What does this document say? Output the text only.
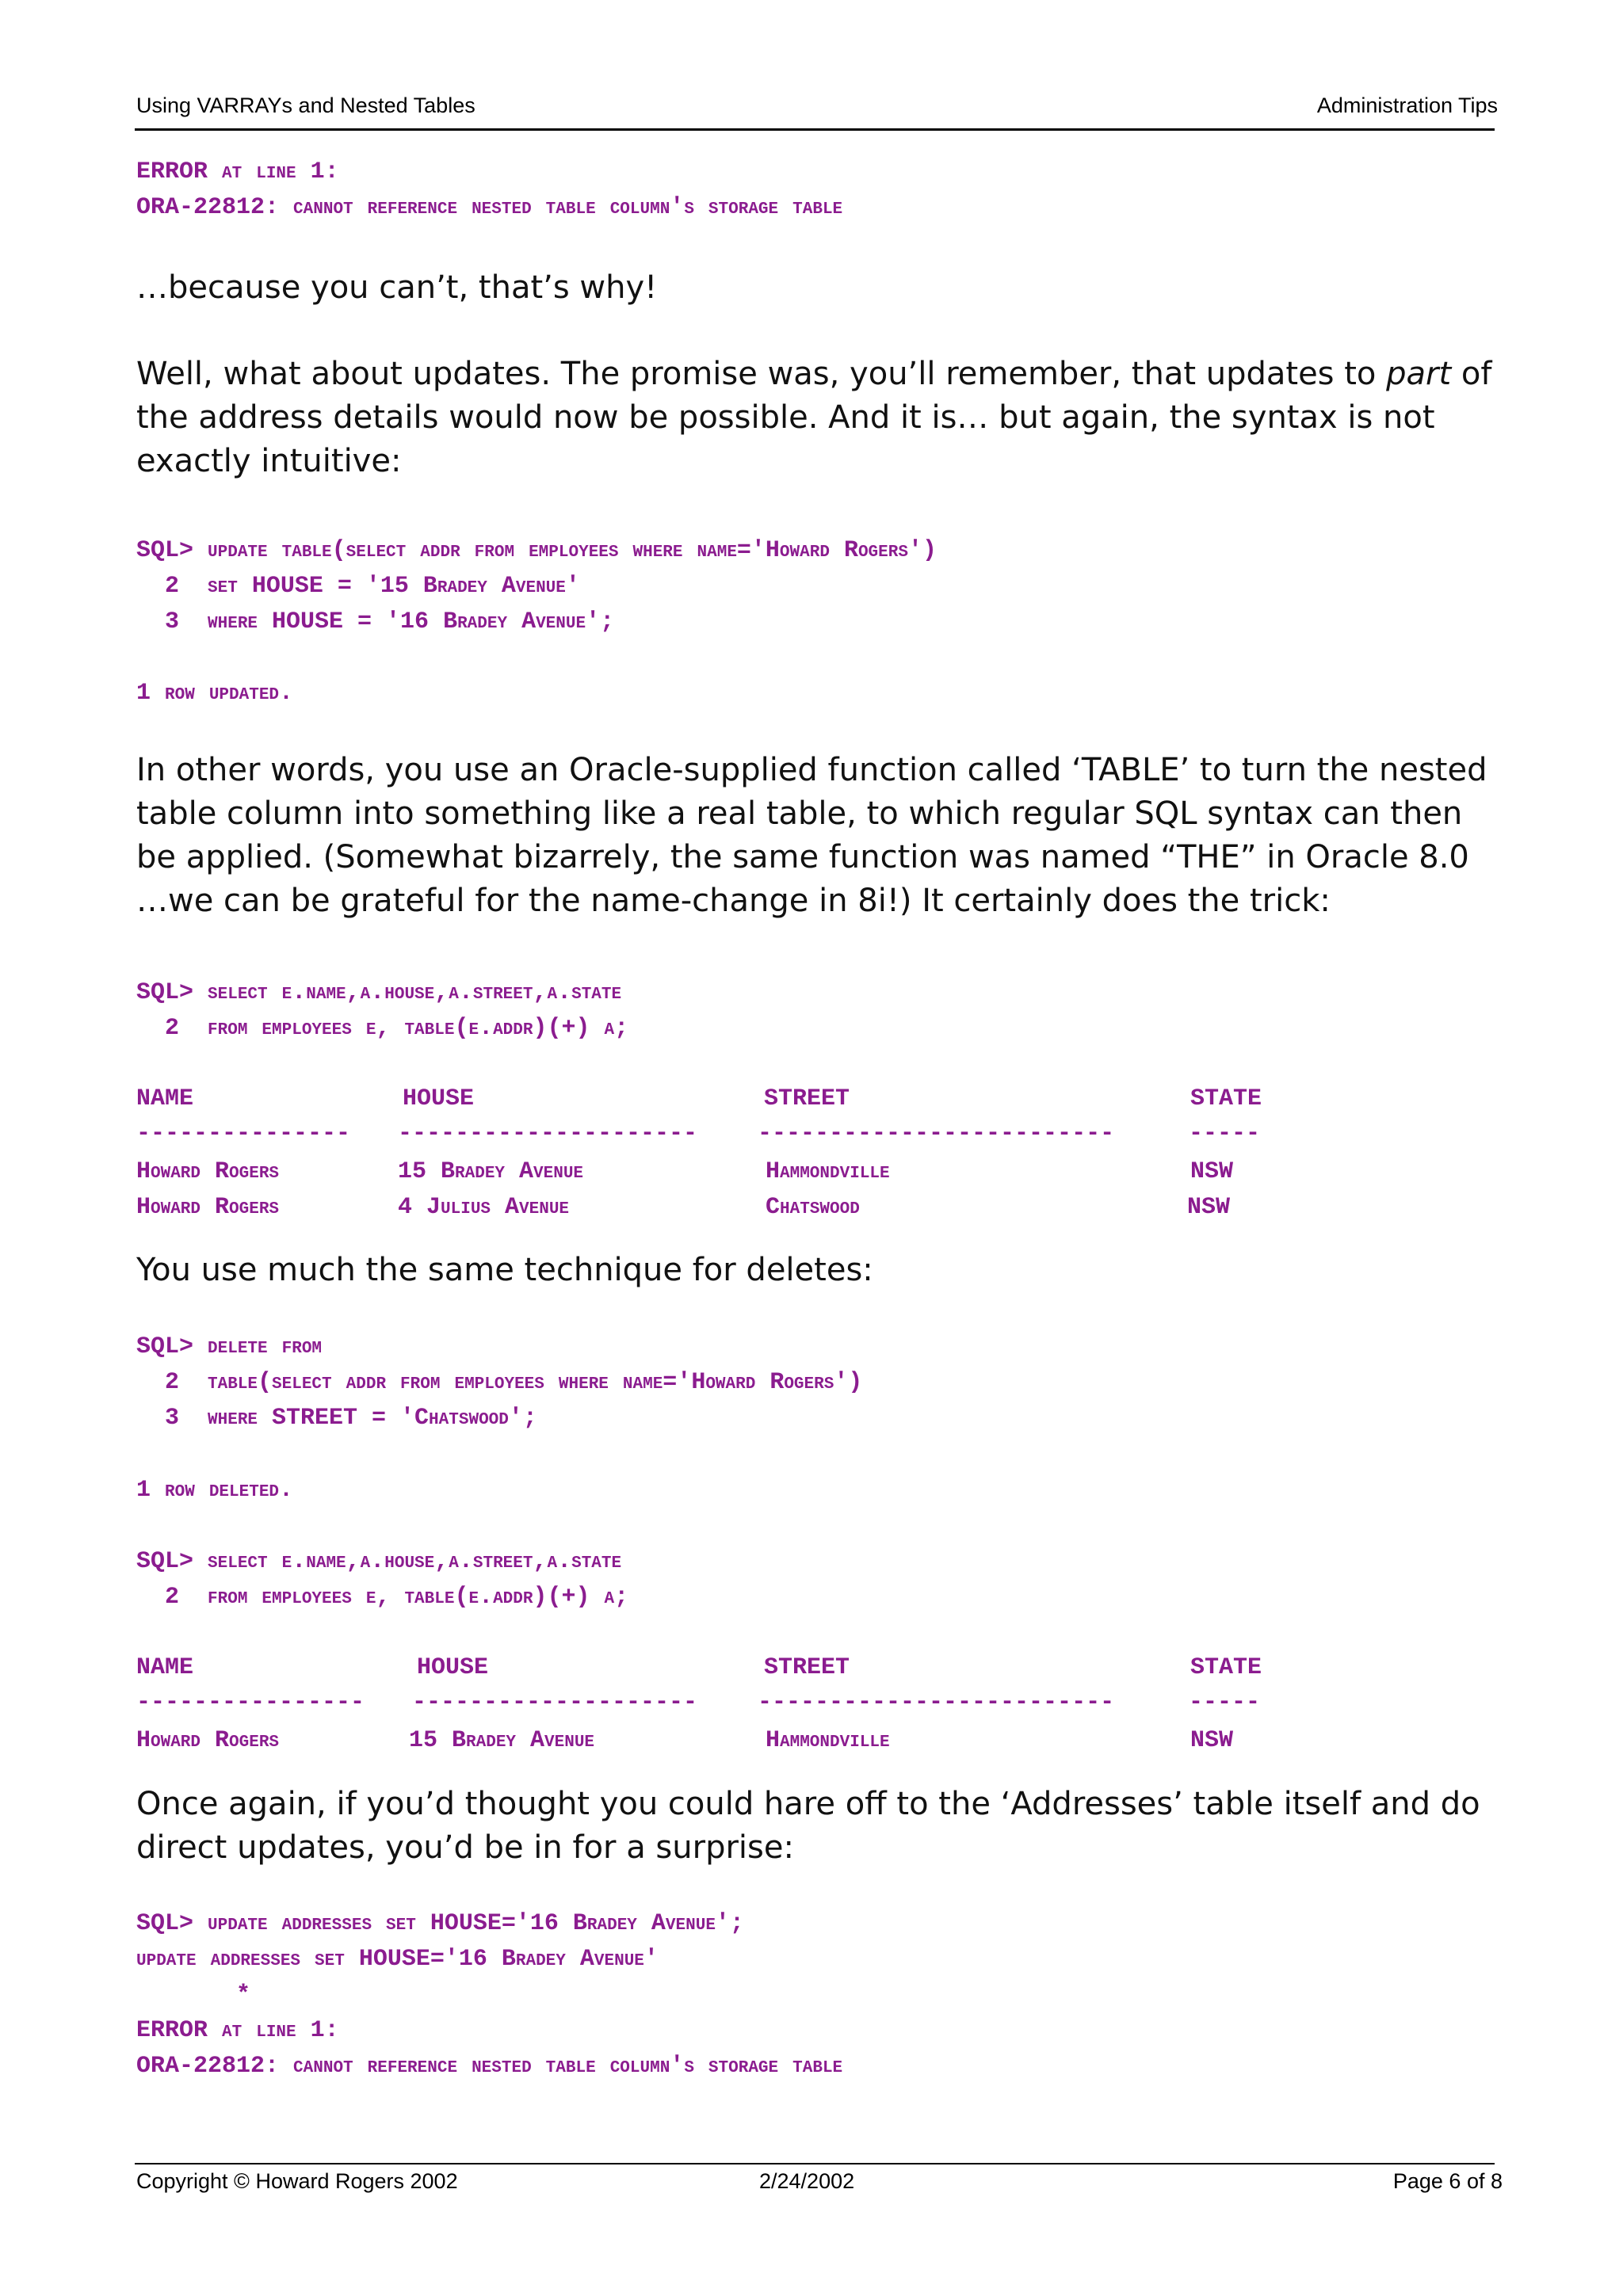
Using VARRAYs and Nested Tables	Administration Tips
ERROR at line 1:
ORA-22812: cannot reference nested table column's storage table

…because you can’t, that’s why!

Well, what about updates. The promise was, you’ll remember, that updates to part of the address details would now be possible. And it is… but again, the syntax is not exactly intuitive:

SQL> update table(select addr from employees where name='Howard Rogers')
2  set HOUSE = '15 Bradey Avenue'
3  where HOUSE = '16 Bradey Avenue';
1 row updated.

In other words, you use an Oracle-supplied function called ‘TABLE’ to turn the nested table column into something like a real table, to which regular SQL syntax can then be applied. (Somewhat bizarrely, the same function was named “THE” in Oracle 8.0 …we can be grateful for the name-change in 8i!) It certainly does the trick:

SQL> select e.name,a.house,a.street,a.state
2  from employees e, table(e.addr)(+) a;
NAME	HOUSE	STREET	STATE
--------------- ---------------------	-------------------------	-----
Howard Rogers	15 Bradey Avenue	Hammondville	NSW
Howard Rogers	4 Julius Avenue	Chatswood	NSW

You use much the same technique for deletes:

SQL> delete from
2  table(select addr from employees where name='Howard Rogers')
3  where STREET = 'Chatswood';
1 row deleted.
SQL> select e.name,a.house,a.street,a.state
2  from employees e, table(e.addr)(+) a;
NAME	HOUSE	STREET	STATE
---------------- --------------------	-------------------------	-----
Howard Rogers	15 Bradey Avenue	Hammondville	NSW

Once again, if you’d thought you could hare off to the ‘Addresses’ table itself and do direct updates, you’d be in for a surprise:

SQL> update addresses set HOUSE='16 Bradey Avenue';
update addresses set HOUSE='16 Bradey Avenue'
*
ERROR at line 1:
ORA-22812: cannot reference nested table column's storage table
Copyright © Howard Rogers 2002	2/24/2002	Page 6 of 8
